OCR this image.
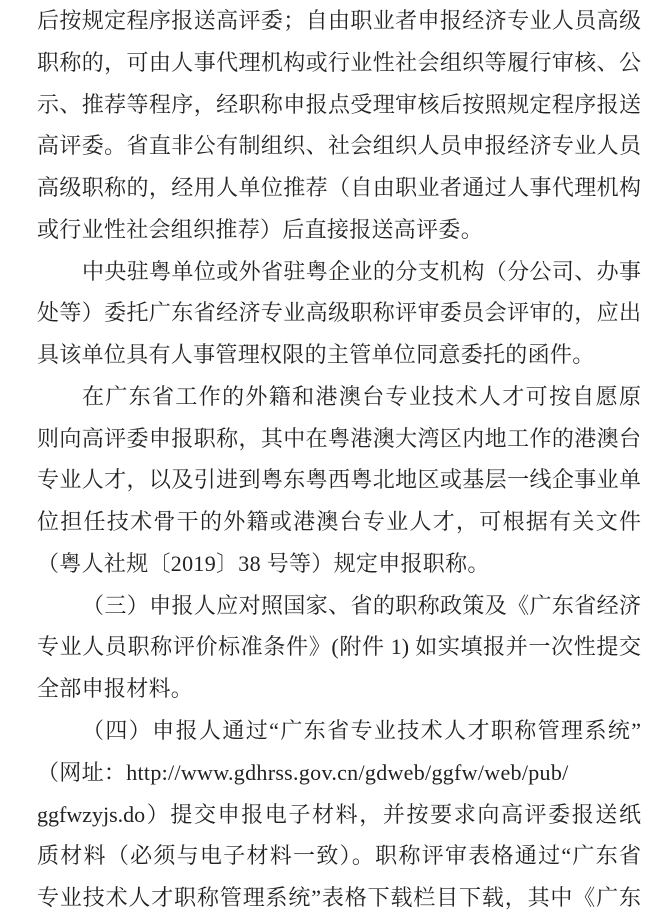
后按规定程序报送高评委；自由职业者申报经济专业人员高级

职称的，可由人事代理机构或行业性社会组织等履行审核、公

示、推荐等程序，经职称申报点受理审核后按照规定程序报送

高评委。省直非公有制组织、社会组织人员申报经济专业人员

高级职称的，经用人单位推荐（自由职业者通过人事代理机构

或行业性社会组织推荐）后直接报送高评委。

中央驻粤单位或外省驻粤企业的分支机构（分公司、办事

处等）委托广东省经济专业高级职称评审委员会评审的，应出

具该单位具有人事管理权限的主管单位同意委托的函件。

在广东省工作的外籍和港澳台专业技术人才可按自愿原

则向高评委申报职称，其中在粤港澳大湾区内地工作的港澳台

专业人才，以及引进到粤东粤西粤北地区或基层一线企事业单

位担任技术骨干的外籍或港澳台专业人才，可根据有关文件

（粤人社规〔2019〕38 号等）规定申报职称。

（三）申报人应对照国家、省的职称政策及《广东省经济

专业人员职称评价标准条件》(附件 1) 如实填报并一次性提交

全部申报材料。

（四）申报人通过“广东省专业技术人才职称管理系统”

（网址：http://www.gdhrss.gov.cn/gdweb/ggfw/web/pub/

ggfwzyjs.do）提交申报电子材料，并按要求向高评委报送纸

质材料（必须与电子材料一致）。职称评审表格通过“广东省

专业技术人才职称管理系统”表格下载栏目下载，其中《广东
